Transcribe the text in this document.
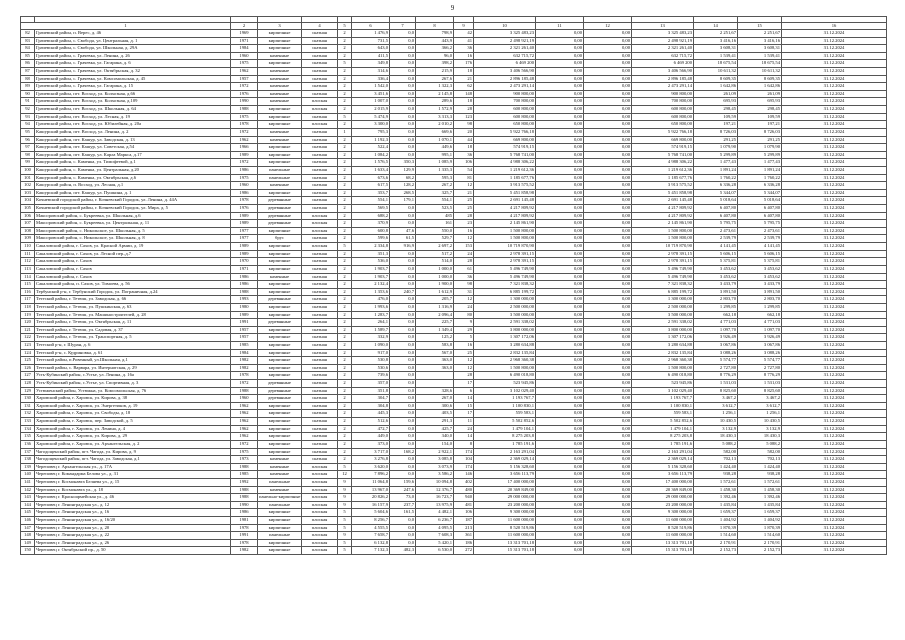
9

1		2	3	4	5	6	7	8	9	10	11	12	13	14	15	16
82	Грачевский район, п. Верес, д. 46	1969	кирпичные	скатная	2	1 476,9	0,0	798,9	42	3 325 483,23	0,00	0,00	3 325 483,23	2 251,67	2 251,67	31.12.2024
83	Грачевский район, с. Свобода, ул. Центральная, д. 1	1971	кирпичные	скатная	2	731,5	0,0	443,9	41	2 498 921,19	0,00	0,00	2 498 921,19	3 416,16	3 416,16	31.12.2024
84	Грачевский район, с. Свобода, ул. Школьная, д. 29А	1984	кирпичные	скатная	2	643,0	0,0	366,2	36	2 321 261,40	0,00	0,00	2 321 261,40	3 608,31	3 608,31	31.12.2024
85	Грачевский район, с. Грачевка, ул. Ленина, д. 26	1960	каменные	скатная	2	411,5	0,0	96,0	16	632 715,72	0,00	0,00	632 715,72	1 539,41	1 539,41	31.12.2024
86	Грачевский район, с. Грачевка, ул. Гагарина, д. 6	1975	кирпичные	скатная	5	349,8	0,0	398,2	176	6 469 200	0,00	0,00	6 469 200	18 675,54	18 675,54	31.12.2024
87	Грачевский район, с. Грачевка, ул. Октябрьская, д. 32	1962	каменные	скатная	2	314,6	0,0	215,9	18	3 406 566,90	0,00	0,00	3 406 566,90	10 611,32	10 611,32	31.12.2024
88	Грачевский район, с. Грачевка, ул. Комсомольская, д. 45	1957	каменные	скатная	2	336,4	0,0	267,6	21	2 896 185,48	0,00	0,00	2 896 185,48	8 609,35	8 609,35	31.12.2024
89	Грачевский район, с. Грачевка, ул. Гагарина, д. 15	1972	каменные	скатная	2	1 542,0	0,0	1 322,3	62	2 473 291,14	0,00	0,00	2 473 291,14	1 642,86	1 642,86	31.12.2024
90	Грачевский район, пгт. Восход, ул. Колхозная, д.66	1976	каменные	скатная	2	3 451,6	0,0	2 145,8	148	900 800,00	0,00	0,00	900 800,00	261,09	261,09	31.12.2024
91	Грачевский район, пгт. Восход, ул. Колхозная, д.109	1990	каменные	плоская	2	1 007,0	0,0	289,6	18	700 800,00	0,00	0,00	700 800,00	695,93	695,93	31.12.2024
92	Грачевский район, пгт. Восход, ул. Школьная, д. 64	1988	кирпичные	плоская	2	2 015,9	0,0	1 572,9	28	600 800,00	0,00	0,00	600 800,00	298,45	298,45	31.12.2024
93	Грачевский район, пгт. Восход, ул. Лесная, д. 19	1975	кирпичные	скатная	5	5 474,9	0,0	3 313,3	123	600 800,00	0,00	0,00	600 800,00	109,59	109,59	31.12.2024
94	Грачевский район, пгт. Восход, ул. Юбилейная, д. 20а	1978	кирпичные	плоская	2	3 300,0	0,0	2 010,2	98	650 800,00	0,00	0,00	650 800,00	197,21	197,21	31.12.2024
95	Кашурский район, пгт. Восход, ул. Ленина, д. 2	1972	каменные	скатная	1	795,3	0,0	669,6	20	5 922 766,18	0,00	0,00	5 922 766,18	8 726,03	8 726,03	31.12.2024
96	Кашурский район, пгт. Кашур, ул. Заводская, д. 13	1962	каменные	скатная	2	1 192,3	0,0	1 070,1	44	669 800,00	0,00	0,00	669 800,00	291,25	291,25	31.12.2024
97	Кашурский район, пгт. Кашур, ул. Советская, д.54	1966	кирпичные	скатная	2	522,4	0,0	449,6	18	574 919,15	0,00	0,00	574 919,15	1 079,90	1 079,90	31.12.2024
98	Кашурский район, пгт. Кашур, ул. Карла Маркса, д.17	1989	кирпичные	скатная	2	1 084,2	0,0	995,1	36	5 768 741,00	0,00	0,00	5 768 741,00	5 299,89	5 299,89	31.12.2024
99	Кашурский район, с. Каменка, ул. Тимофеевой, д.1	1972	кирпичные	скатная	2	1 576,5	350,3	1 085,9	106	4 988 306,22	0,00	0,00	4 988 306,22	1 477,43	1 477,43	31.12.2024
100	Кашурский район, с. Каменка, ул. Центральная, д.20	1986	панельные	скатная	2	1 633,4	129,9	1 335,3	54	1 219 612,36	0,00	0,00	1 219 612,36	1 891,24	1 891,24	31.12.2024
101	Кашурский район, с. Каменка, ул. Октябрьская, д.6	1975	панельные	скатная	2	673,6	68,2	595,3	81	1 185 677,76	0,00	0,00	1 185 677,76	1 760,22	1 760,22	31.12.2024
102	Кашурский район, п. Восход, ул. Лесная, д.1	1960	каменные	скатная	2	617,5	128,2	267,2	12	3 913 575,52	0,00	0,00	3 913 575,52	6 336,28	6 336,28	31.12.2024
103	Кашурский район, пгт. Кашур, ул. Пушкина, д. 1	1986	кирпичные	скатная	2	353,7	268,5	325,7	21	5 451 858,98	0,00	0,00	5 451 858,98	5 344,07	5 344,07	31.12.2024
104	Кочневский городской район, г. Кочневский Городок, ул. Ленина, д. 44А	1978	деревянные	скатная	2	554,1	179,1	554,1	25	2 691 145,48	0,00	0,00	2 691 145,48	5 018,64	5 018,64	31.12.2024
105	Кочневский городской район, г. Кочневский Городок, ул. Мира, д. 5	1976	деревянные	скатная	2	569,5	0,0	523,5	25	4 217 809,92	0,00	0,00	4 217 809,92	6 407,80	6 407,80	31.12.2024
106	Максоровский район, с. Букреевка, ул. Школьная, д.6	1989	деревянные	плоская	2	688,2	0,0	485	28	4 217 809,92	0,00	0,00	4 217 809,92	6 407,80	6 407,80	31.12.2024
107	Максоровский район, с. Букреевка, ул. Центральная, д. 11	1989	деревянные	плоская	2	370,9	0,0	161	23	2 145 861,90	0,00	0,00	2 145 861,90	5 795,75	5 795,75	31.12.2024
108	Максоровский район, с. Никольское, ул. Школьная, д. 5	1977	кирпичные	плоская	2	600,8	47,6	550,0	16	1 500 800,00	0,00	0,00	1 500 800,00	2 473,61	2 473,61	31.12.2024
109	Максоровский район, с. Никольское, ул. Школьная, д. 8	1977	брус	скатная	2	599,6	61,5	529,7	12	1 500 800,00	0,00	0,00	1 500 800,00	2 539,79	2 539,79	31.12.2024
110	Сакаловский район, г. Сахов, ул. Красной Армии, д. 19	1989	кирпичные	плоская	5	2 334,8	916,9	2 697,2	153	10 719 870,90	0,00	0,00	10 719 870,90	4 141,45	4 141,45	31.12.2024
111	Сакаловский район, г. Сахов, ул. Лесной пер.,д.7	1989	кирпичные	скатная	2	351,3	0,0	517,2	24	2 978 391,15	0,00	0,00	2 978 391,15	5 606,15	5 606,15	31.12.2024
112	Сакаловский район, г. Сахов	1970	кирпичные	скатная	2	536,0	0,0	514,0	28	2 978 391,15	0,00	0,00	2 978 391,15	5 375,81	5 375,81	31.12.2024
113	Сакаловский район, г. Сахов	1971	кирпичные	скатная	2	1 903,7	0,0	1 000,0	61	5 496 749,90	0,00	0,00	5 496 749,90	3 453,62	3 453,62	31.12.2024
114	Сакаловский район, г. Сахов	1986	каменные	скатная	2	1 903,7	0,0	1 000,0	36	5 496 749,90	0,00	0,00	5 496 749,90	3 453,62	3 453,62	31.12.2024
115	Сакаловский район, п. Сахов, ул. Тимоева, д. 56	1986	кирпичные	скатная	2	2 132,4	0,0	1 900,0	98	7 321 838,32	0,00	0,00	7 321 838,32	3 433,79	3 433,79	31.12.2024
116	Тербунский р-н, г. Тербунский Городок, ул. Пограничная, д.24	1988	кирпичные	скатная	2	1 353,6	240,7	1 612,9	31	6 885 199,72	0,00	0,00	6 885 199,72	3 891,50	3 891,50	31.12.2024
117	Тетеский район, г. Тетюш, ул. Заводская, д. 66	1993	деревянные	скатная	2	476,0	0,0	205,7	12	1 300 000,00	0,00	0,00	1 300 000,00	2 803,70	2 803,70	31.12.2024
118	Тетеский район, г. Тетюш, ул. Пушкинская, д. 63	1980	кирпичные	скатная	2	1 993,6	0,0	1 316,9	24	2 500 000,00	0,00	0,00	2 500 000,00	1 299,85	1 299,85	31.12.2024
119	Тетеский район, г. Тетюш, ул. Машиностроителей, д. 28	1989	кирпичные	скатная	2	1 283,7	0,0	2 096,4	80	3 500 000,00	0,00	0,00	3 500 000,00	662,18	662,18	31.12.2024
120	Тетеский район, г. Тетюш, ул. Октябрьская, д. 11	1991	деревянные	скатная	2	264,1	0,0	225,7	9	2 591 338,02	0,00	0,00	2 591 338,02	4 771,03	4 771,03	31.12.2024
121	Тетеский район, г. Тетюш, ул. Садовая, д. 37	1957	кирпичные	скатная	2	1 589,7	0,0	1 349,4	29	3 800 000,00	0,00	0,00	3 800 000,00	1 097,70	1 097,70	31.12.2024
122	Тетеский район, г. Тетюш, ул. Транспортная, д. 5	1957	кирпичные	скатная	2	332,9	0,0	125,2	5	1 307 172,06	0,00	0,00	1 307 172,06	3 926,49	3 926,49	31.12.2024
123	Тетеский р-н, г. Шуран, д. 6	1985	кирпичные	скатная	2	1 090,0	0,0	583,8	16	3 280 634,88	0,00	0,00	3 280 634,88	3 067,86	3 067,86	31.12.2024
124	Тетеский р-н, с. Кудриновка, д. 61	1984	кирпичные	скатная	2	917,0	0,0	567,0	25	2 832 135,84	0,00	0,00	2 832 135,84	3 088,26	3 088,26	31.12.2024
125	Тетеский район, п.Ровенный, ул.Школьная, д.1	1982	кирпичные	скатная	2	530,8	0,0	363,0	12	2 968 360,38	0,00	0,00	2 968 360,38	5 574,77	5 574,77	31.12.2024
126	Тетеский район, с. Варвара, ул. Интернатская, д. 29	1982	кирпичные	скатная	2	530,6	0,0	363,0	12	1 500 800,00	0,00	0,00	1 500 800,00	2 727,80	2 727,80	31.12.2024
127	Усть-Кубинский район, с.Устье, ул. Ленина, д. 16а	1978	кирпичные	скатная	2	739,6	0,0		28	6 490 018,80	0,00	0,00	6 490 018,80	8 776,29	8 776,29	31.12.2024
128	Усть-Кубинский район, с.Устье, ул. Спортивная, д. 3	1972	деревянные	скатная	2	357,0	0,0		17	523 945,86	0,00	0,00	523 945,86	1 531,03	1 531,03	31.12.2024
129	Устюженский район, Устюжна, ул. Комсомольская, д. 76	1988	деревянные	скатная	2	351,8	0,0	328,6	6	3 102 029,40	0,00	0,00	3 102 029,40	8 825,60	8 825,60	31.12.2024
130	Харовский район, г. Харовск, ул. Кирова, д. 38	1960	деревянные	скатная	2	304,7	0,0	267,0	14	1 193 767,7	0,00	0,00	1 193 767,7	3 467,2	3 467,2	31.12.2024
131	Харовский район, г. Харовск, ул. Энергетиков, д. 19	1962	кирпичные	скатная	2	304,8	0,0	300,6	15	1 100 830,1	0,00	0,00	1 100 830,1	3 612,7	3 612,7	31.12.2024
132	Харовский район, г. Харовск, ул. Свободы, д. 18	1962	кирпичные	скатная	2	445,3	0,0	403,5	17	559 583,1	0,00	0,00	559 583,1	1 256,1	1 256,1	31.12.2024
133	Харовский район, г. Харовск, пер. Заводской, д. 5	1962	кирпичные	скатная	2	512,6	0,0	291,3	11	5 502 852,6	0,00	0,00	5 502 852,6	10 430,5	10 430,5	31.12.2024
134	Харовский район, г. Харовск, ул. Ленина, д. 4	1962	кирпичные	скатная	2	472,7	0,0	425,7	24	1 479 104,1	0,00	0,00	1 479 104,1	3 132,9	3 132,9	31.12.2024
135	Харовский район, г. Харовск, ул. Кирова, д. 29	1962	кирпичные	скатная	2	449,0	0,0	340,0	14	8 275 203,8	0,00	0,00	8 275 203,8	18 430,3	18 430,3	31.12.2024
136	Харовский район, г. Харовск, ул. Архангельская, д. 2	1972	кирпичные	скатная	2	373,0	0,0	154,0	8	1 785 191,6	0,00	0,00	1 785 191,6	5 088,2	5 088,2	31.12.2024
137	Чагодощенский район, пгт. Чагода, ул. Кирова, д. 9	1975	кирпичные	скатная	2	3 717,0	168,2	2 922,1	174	2 163 291,04	0,00	0,00	2 163 291,04	582,00	582,00	31.12.2024
138	Чагодощенский район, пгт. Чагода, ул. Заводская, д.1	1973	каменные	скатная	2	3 276,8	0,0	3 085,8	104	2 369 029,14	0,00	0,00	2 369 029,14	702,13	702,13	31.12.2024
139	Череповец г. Архангельская ул., д. 17А	1988	каменные	плоская	5	3 620,0	0,0	3 073,9	174	5 156 328,60	0,00	0,00	5 156 328,60	1 424,40	1 424,40	31.12.2024
140	Череповец г. Командарма Белова ул., д. 31	1985	каменные	плоская	12	7 896,2	0,0	3 586,2	146	3 656 113,79	0,00	0,00	3 656 113,79	938,28	938,28	31.12.2024
141	Череповец г. Космонавта Беляева ул., д. 15	1992	панельные	плоская	9	11 064,8	159,6	10 094,8	402	17 400 000,00	0,00	0,00	17 400 000,00	1 572,61	1 572,61	31.12.2024
142	Череповец г. Космонавта ул., д. 18	1988	каменные	плоская	9	13 967,0	247,6	12 376,7	480	20 369 849,00	0,00	0,00	20 369 849,00	1 458,30	1 458,30	31.12.2024
143	Череповец г. Красноармейская ул., д. 46	1988	панельно-кирпичные	плоская	9	20 826,2	73,0	16 723,7	940	29 000 000,00	0,00	0,00	29 000 000,00	1 392,46	1 392,46	31.12.2024
144	Череповец г. Ленинградская ул., д. 12	1990	панельные	плоская	9	16 157,9	237,7	13 975,9	481	23 200 000,00	0,00	0,00	23 200 000,00	1 435,84	1 435,84	31.12.2024
145	Череповец г. Ленинградская ул., д. 16	1986	кирпичные	плоская	5	5 604,6	161,5	4 482,1	106	9 300 000,00	0,00	0,00	9 300 000,00	1 659,37	1 659,37	31.12.2024
146	Череповец г. Ленинградская ул., д. 16/20	1981	кирпичные	плоская	5	8 256,7	0,0	6 236,7	187	11 600 000,00	0,00	0,00	11 600 000,00	1 404,92	1 404,92	31.12.2024
147	Череповец г. Ленинградская ул., д. 20	1978	кирпичные	плоская	5	4 555,5	0,0	4 095,5	213	8 520 519,86	0,00	0,00	8 520 519,86	1 870,39	1 870,39	31.12.2024
148	Череповец г. Ленинградская ул., д. 22	1991	панельные	плоская	9	7 658,7	0,0	7 608,3	361	11 600 000,00	0,00	0,00	11 600 000,00	1 514,60	1 514,60	31.12.2024
149	Череповец г. Ленинградская ул., д. 26	1978	кирпичные	плоская	5	6 132,8	0,0	5 420,1	186	13 313 701,18	0,00	0,00	13 313 701,18	2 170,91	2 170,91	31.12.2024
150	Череповец г. Октябрьский пр., д. 50	1982	кирпичные	плоская	5	7 132,3	482,3	6 530,0	272	15 313 701,18	0,00	0,00	15 313 701,18	2 152,73	2 152,73	31.12.2024
